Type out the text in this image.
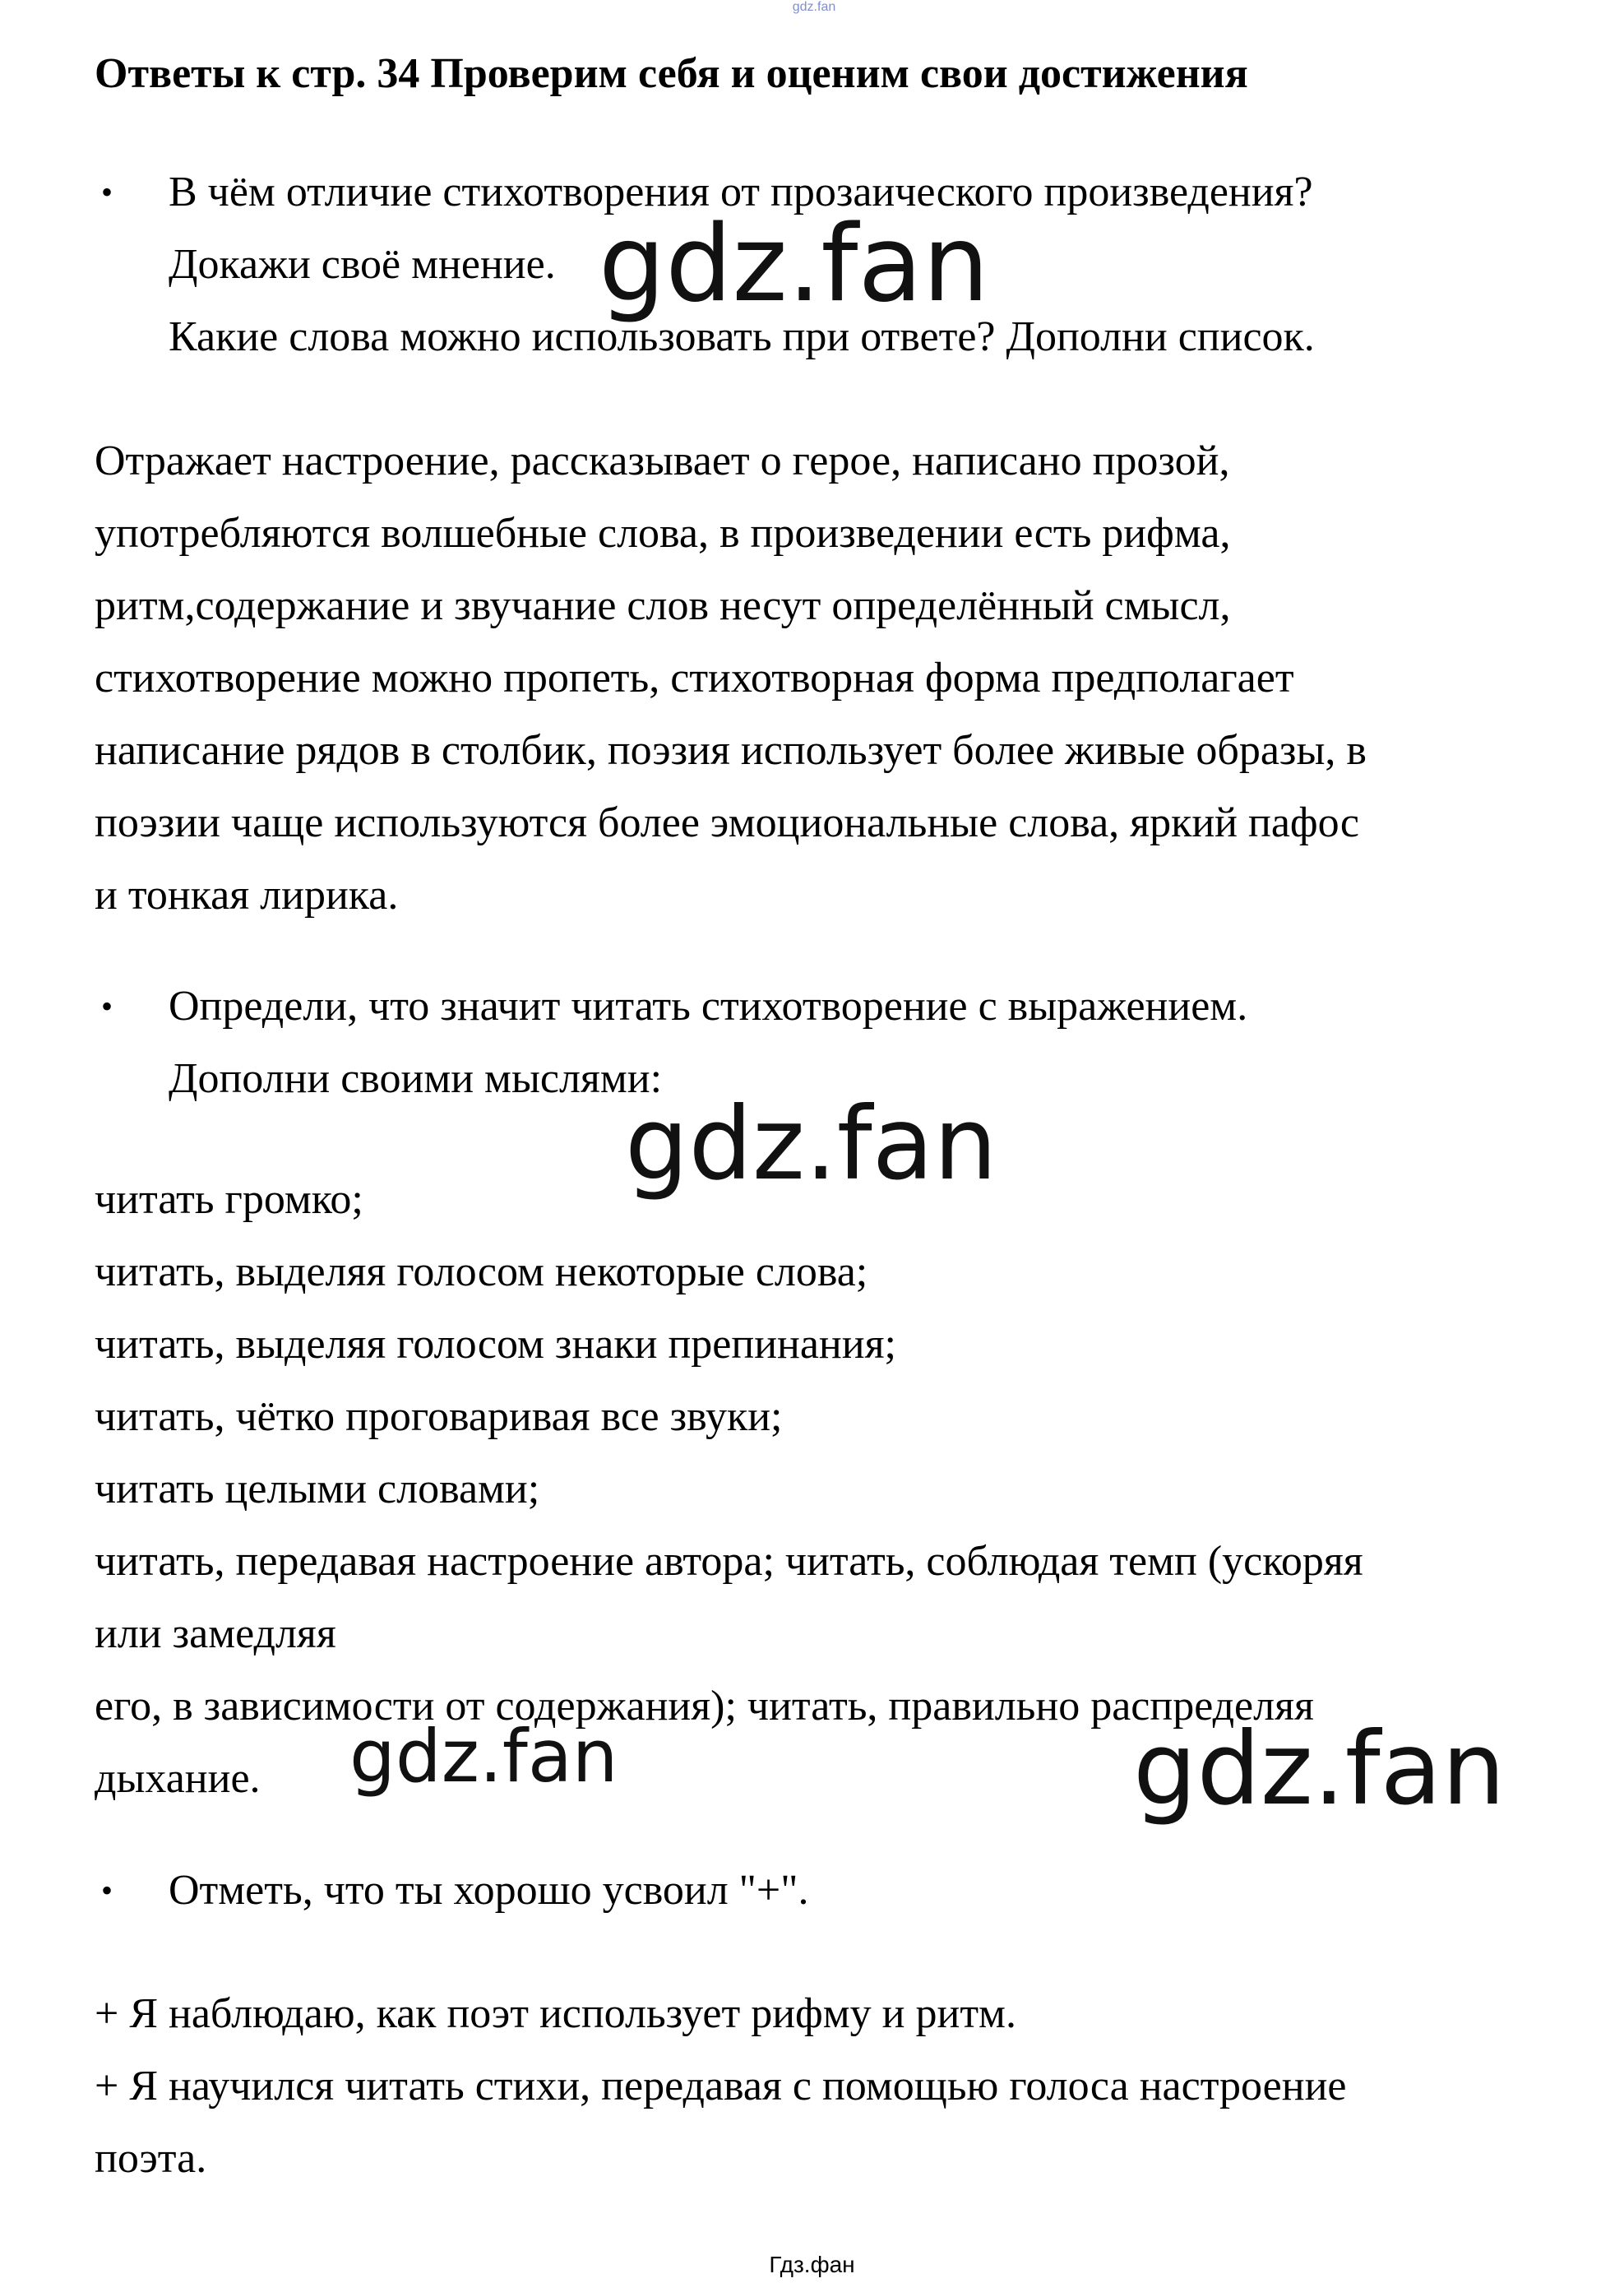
gdz.fan
Ответы к стр. 34 Проверим себя и оценим свои достижения
•	В чём отличие стихотворения от прозаического произведения?
Докажи своё мнение.
Какие слова можно использовать при ответе? Дополни список.
Отражает настроение, рассказывает о герое, написано прозой,
употребляются волшебные слова, в произведении есть рифма,
ритм,содержание и звучание слов несут определённый смысл,
стихотворение можно пропеть, стихотворная форма предполагает
написание рядов в столбик, поэзия использует более живые образы, в
поэзии чаще используются более эмоциональные слова, яркий пафос
и тонкая лирика.
•	Определи, что значит читать стихотворение с выражением.
Дополни своими мыслями:
читать громко;
читать, выделяя голосом некоторые слова;
читать, выделяя голосом знаки препинания;
читать, чётко проговаривая все звуки;
читать целыми словами;
читать, передавая настроение автора; читать, соблюдая темп (ускоряя
или замедляя
его, в зависимости от содержания); читать, правильно распределяя
дыхание.
•	Отметь, что ты хорошо усвоил "+".
+ Я наблюдаю, как поэт использует рифму и ритм.
+ Я научился читать стихи, передавая с помощью голоса настроение
поэта.
gdz.fan
gdz.fan
gdz.fan	gdz.fan
Гдз.фан
